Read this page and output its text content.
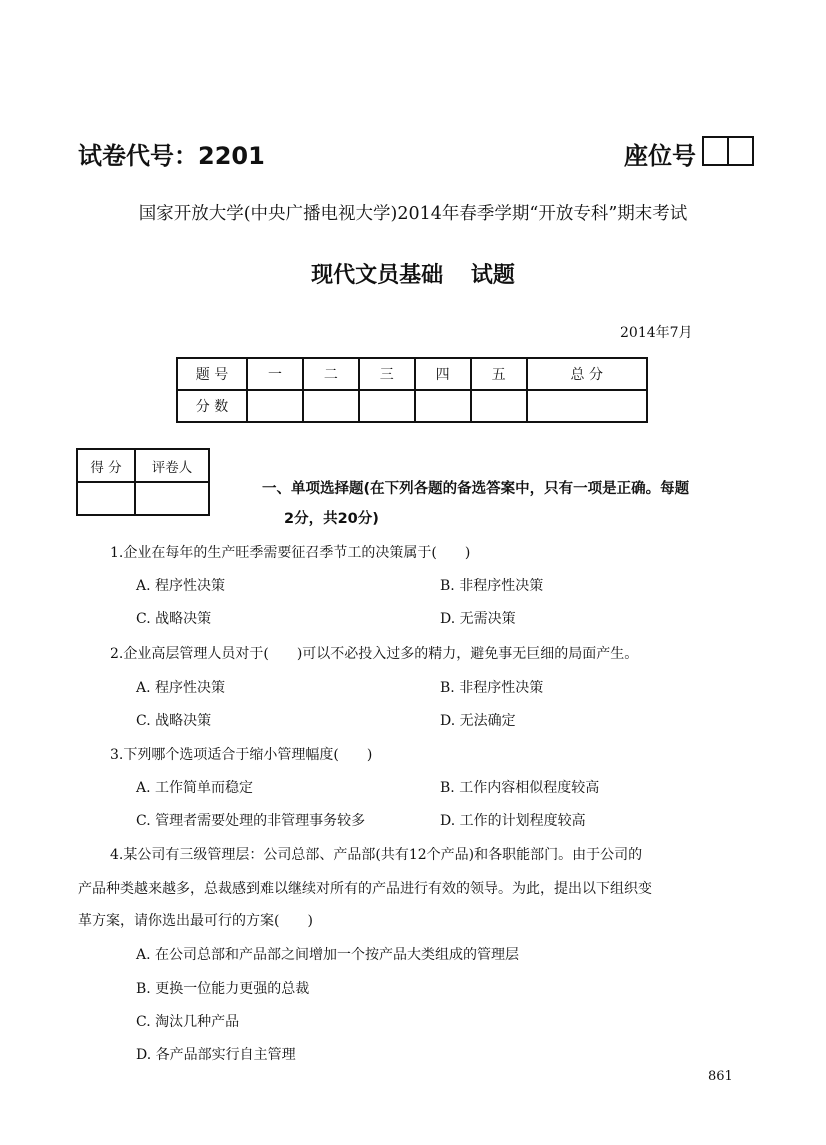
试卷代号：2201	座位号
国家开放大学(中央广播电视大学)2014年春季学期“开放专科”期末考试
现代文员基础 试题
2014年7月
题 号	一	二	三	四	五	总 分
分 数						
得 分	评卷人

一、单项选择题(在下列各题的备选答案中，只有一项是正确。每题
2分，共20分)
1.企业在每年的生产旺季需要征召季节工的决策属于(　　)
A. 程序性决策	B. 非程序性决策
C. 战略决策	D. 无需决策
2.企业高层管理人员对于(　　)可以不必投入过多的精力，避免事无巨细的局面产生。
A. 程序性决策	B. 非程序性决策
C. 战略决策	D. 无法确定
3.下列哪个选项适合于缩小管理幅度(　　)
A. 工作简单而稳定	B. 工作内容相似程度较高
C. 管理者需要处理的非管理事务较多	D. 工作的计划程度较高
4.某公司有三级管理层：公司总部、产品部(共有12个产品)和各职能部门。由于公司的
产品种类越来越多，总裁感到难以继续对所有的产品进行有效的领导。为此，提出以下组织变
革方案，请你选出最可行的方案(　　)
A. 在公司总部和产品部之间增加一个按产品大类组成的管理层
B. 更换一位能力更强的总裁
C. 淘汰几种产品
D. 各产品部实行自主管理
861
